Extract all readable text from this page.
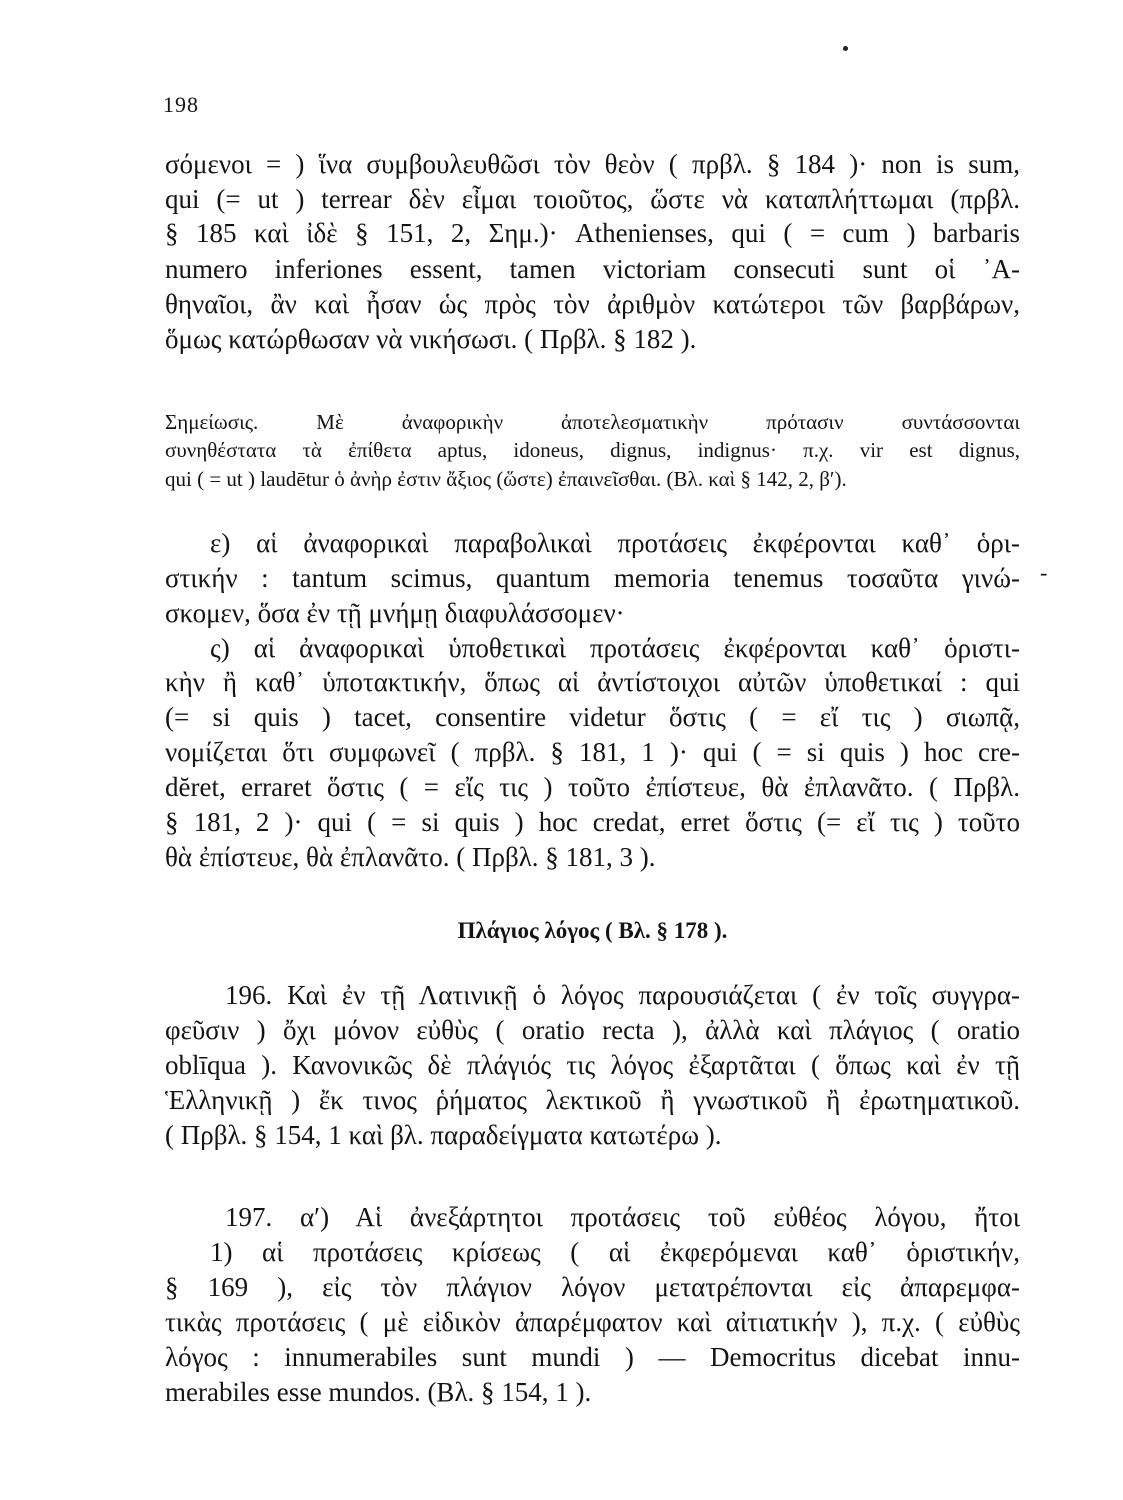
198
‐
σόμενοι = ) ἵνα συμβουλευθῶσι τὸν θεὸν ( πρβλ. § 184 )· non is sum,
qui (= ut ) terrear δὲν εἶμαι τοιοῦτος, ὥστε νὰ καταπλήττωμαι (πρβλ.
§ 185 καὶ ἰδὲ § 151, 2, Σημ.)· Athenienses, qui ( = cum ) barbaris
numero inferiones essent, tamen victoriam consecuti sunt οἱ ᾽Α-
θηναῖοι, ἂν καὶ ἦσαν ὡς πρὸς τὸν ἀριθμὸν κατώτεροι τῶν βαρβάρων,
ὅμως κατώρθωσαν νὰ νικήσωσι. ( Πρβλ. § 182 ).
Σημείωσις. Μὲ ἀναφορικὴν ἀποτελεσματικὴν πρότασιν συντάσσονται
συνηθέστατα τὰ ἐπίθετα aptus, idoneus, dignus, indignus· π.χ. vir est dignus,
qui ( = ut ) laudētur ὁ ἀνὴρ ἐστιν ἄξιος (ὥστε) ἐπαινεῖσθαι. (Βλ. καὶ § 142, 2, β′).
ε) αἱ ἀναφορικαὶ παραβολικαὶ προτάσεις ἐκφέρονται καθ᾽ ὁρι-
στικήν : tantum scimus, quantum memoria tenemus τοσαῦτα γινώ-
σκομεν, ὅσα ἐν τῇ μνήμῃ διαφυλάσσομεν·
ς) αἱ ἀναφορικαὶ ὑποθετικαὶ προτάσεις ἐκφέρονται καθ᾽ ὁριστι-
κὴν ἢ καθ᾽ ὑποτακτικήν, ὅπως αἱ ἀντίστοιχοι αὐτῶν ὑποθετικαί : qui
(= si quis ) tacet, consentire videtur ὅστις ( = εἴ τις ) σιωπᾷ,
νομίζεται ὅτι συμφωνεῖ ( πρβλ. § 181, 1 )· qui ( = si quis ) hoc cre-
dĕret, erraret ὅστις ( = εἴς τις ) τοῦτο ἐπίστευε, θὰ ἐπλανᾶτο. ( Πρβλ.
§ 181, 2 )· qui ( = si quis ) hoc credat, erret ὅστις (= εἴ τις ) τοῦτο
θὰ ἐπίστευε, θὰ ἐπλανᾶτο. ( Πρβλ. § 181, 3 ).
Πλάγιος λόγος ( Βλ. § 178 ).
196. Καὶ ἐν τῇ Λατινικῇ ὁ λόγος παρουσιάζεται ( ἐν τοῖς συγγρα-
φεῦσιν ) ὄχι μόνον εὐθὺς ( oratio recta ), ἀλλὰ καὶ πλάγιος ( oratio
oblīqua ). Κανονικῶς δὲ πλάγιός τις λόγος ἐξαρτᾶται ( ὅπως καὶ ἐν τῇ
Ἑλληνικῇ ) ἔκ τινος ῥήματος λεκτικοῦ ἢ γνωστικοῦ ἢ ἐρωτηματικοῦ.
( Πρβλ. § 154, 1 καὶ βλ. παραδείγματα κατωτέρω ).
197. α′) Αἱ ἀνεξάρτητοι προτάσεις τοῦ εὐθέος λόγου, ἤτοι
1) αἱ προτάσεις κρίσεως ( αἱ ἐκφερόμεναι καθ᾽ ὁριστικήν,
§ 169 ), εἰς τὸν πλάγιον λόγον μετατρέπονται εἰς ἀπαρεμφα-
τικὰς προτάσεις ( μὲ εἰδικὸν ἀπαρέμφατον καὶ αἰτιατικήν ), π.χ. ( εὐθὺς
λόγος : innumerabiles sunt mundi ) — Democritus dicebat innu-
merabiles esse mundos. (Βλ. § 154, 1 ).
